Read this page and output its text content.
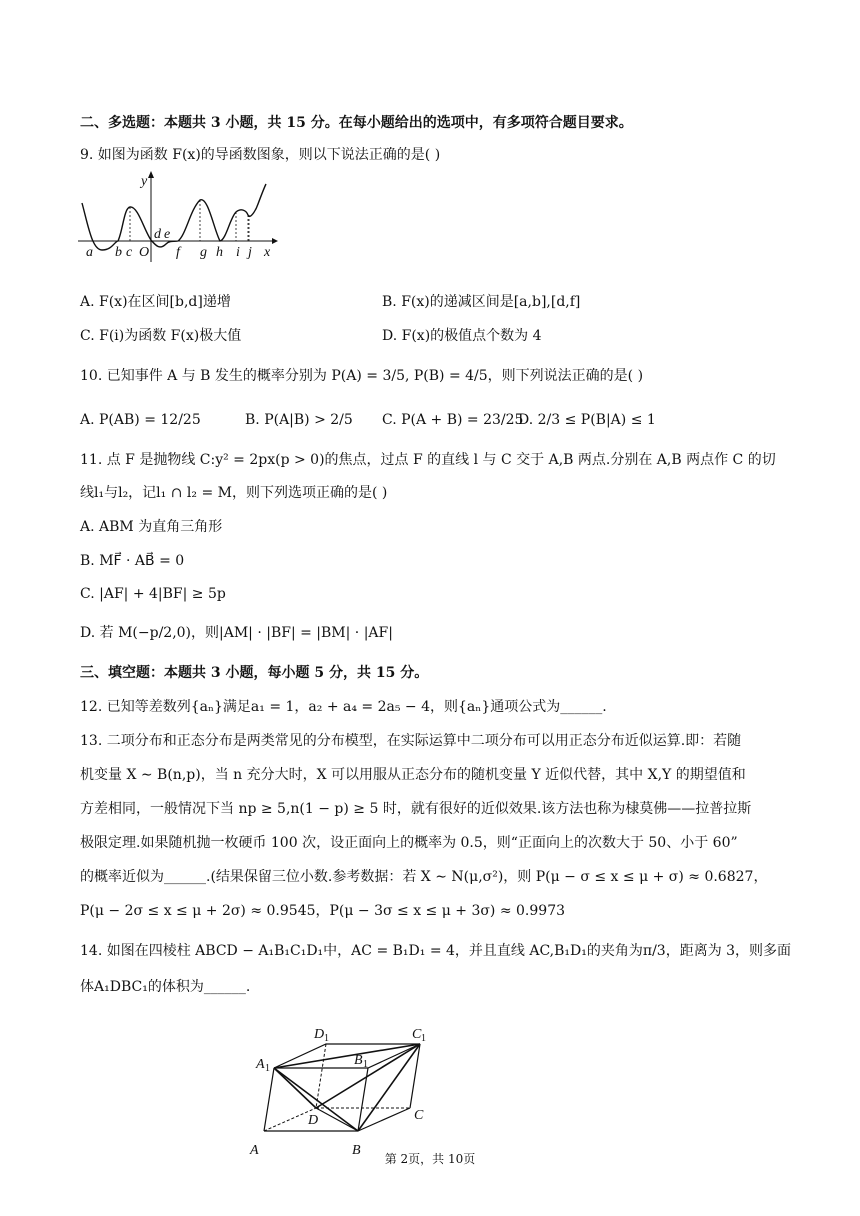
二、多选题：本题共 3 小题，共 15 分。在每小题给出的选项中，有多项符合题目要求。
9. 如图为函数 F(x)的导函数图象，则以下说法正确的是( )
y
x
a b c O
d e
f g h i j
A. F(x)在区间[b,d]递增	B. F(x)的递减区间是[a,b],[d,f]
C. F(i)为函数 F(x)极大值	D. F(x)的极值点个数为 4
10. 已知事件 A 与 B 发生的概率分别为 P(A) = 3/5, P(B) = 4/5，则下列说法正确的是( )
A. P(AB) = 12/25	B. P(A|B) > 2/5 C. P(A + B) = 23/25
D. 2/3 ≤ P(B|A) ≤ 1
11. 点 F 是抛物线 C:y² = 2px(p > 0)的焦点，过点 F 的直线 l 与 C 交于 A,B 两点.分别在 A,B 两点作 C 的切
线l₁与l₂，记l₁ ∩ l₂ = M，则下列选项正确的是( )
A. ABM 为直角三角形
B. MF⃗ · AB⃗ = 0
C. |AF| + 4|BF| ≥ 5p
D. 若 M(−p/2,0)，则|AM| · |BF| = |BM| · |AF|
三、填空题：本题共 3 小题，每小题 5 分，共 15 分。
12. 已知等差数列{aₙ}满足a₁ = 1，a₂ + a₄ = 2a₅ − 4，则{aₙ}通项公式为______.
13. 二项分布和正态分布是两类常见的分布模型，在实际运算中二项分布可以用正态分布近似运算.即：若随
机变量 X ∼ B(n,p)，当 n 充分大时，X 可以用服从正态分布的随机变量 Y 近似代替，其中 X,Y 的期望值和
方差相同，一般情况下当 np ≥ 5,n(1 − p) ≥ 5 时，就有很好的近似效果.该方法也称为棣莫佛——拉普拉斯
极限定理.如果随机抛一枚硬币 100 次，设正面向上的概率为 0.5，则“正面向上的次数大于 50、小于 60”
的概率近似为______.(结果保留三位小数.参考数据：若 X ∼ N(μ,σ²)，则 P(μ − σ ≤ x ≤ μ + σ) ≈ 0.6827，
P(μ − 2σ ≤ x ≤ μ + 2σ) ≈ 0.9545，P(μ − 3σ ≤ x ≤ μ + 3σ) ≈ 0.9973
14. 如图在四棱柱 ABCD − A₁B₁C₁D₁中，AC = B₁D₁ = 4，并且直线 AC,B₁D₁的夹角为π/3，距离为 3，则多面
体A₁DBC₁的体积为______.
A	B
C
D
A 1
B 1
C 1
D 1
第 2页，共 10页
